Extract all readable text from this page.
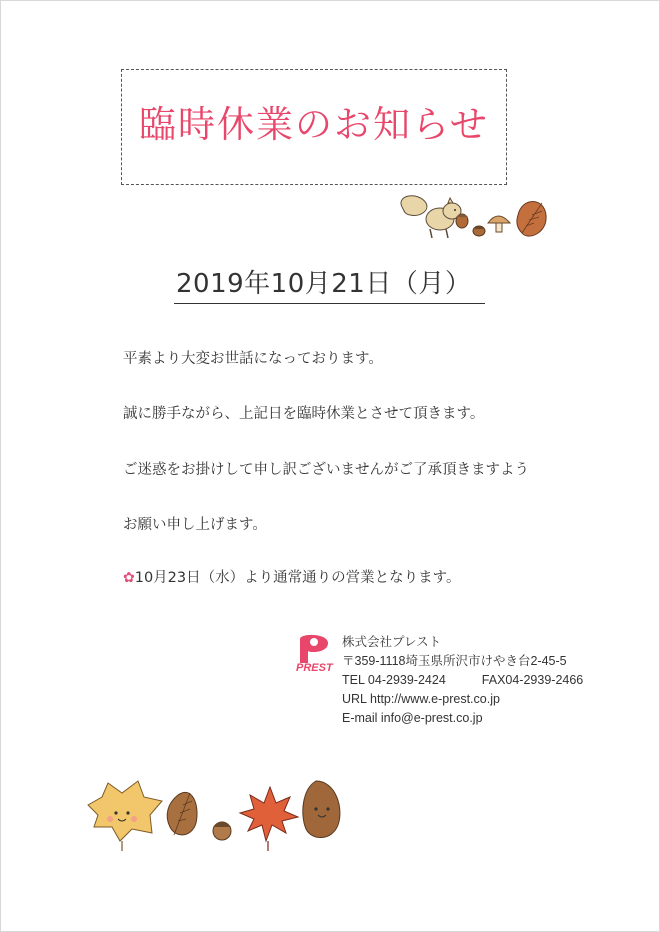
臨時休業のお知らせ
2019年10月21日（月）
平素より大変お世話になっております。
誠に勝手ながら、上記日を臨時休業とさせて頂きます。
ご迷惑をお掛けして申し訳ございませんがご了承頂きますよう
お願い申し上げます。
✿10月23日（水）より通常通りの営業となります。
PREST
株式会社プレスト
〒359-1118埼玉県所沢市けやき台2-45-5
TEL 04-2939-2424	FAX04-2939-2466
URL http://www.e-prest.co.jp
E-mail info@e-prest.co.jp
